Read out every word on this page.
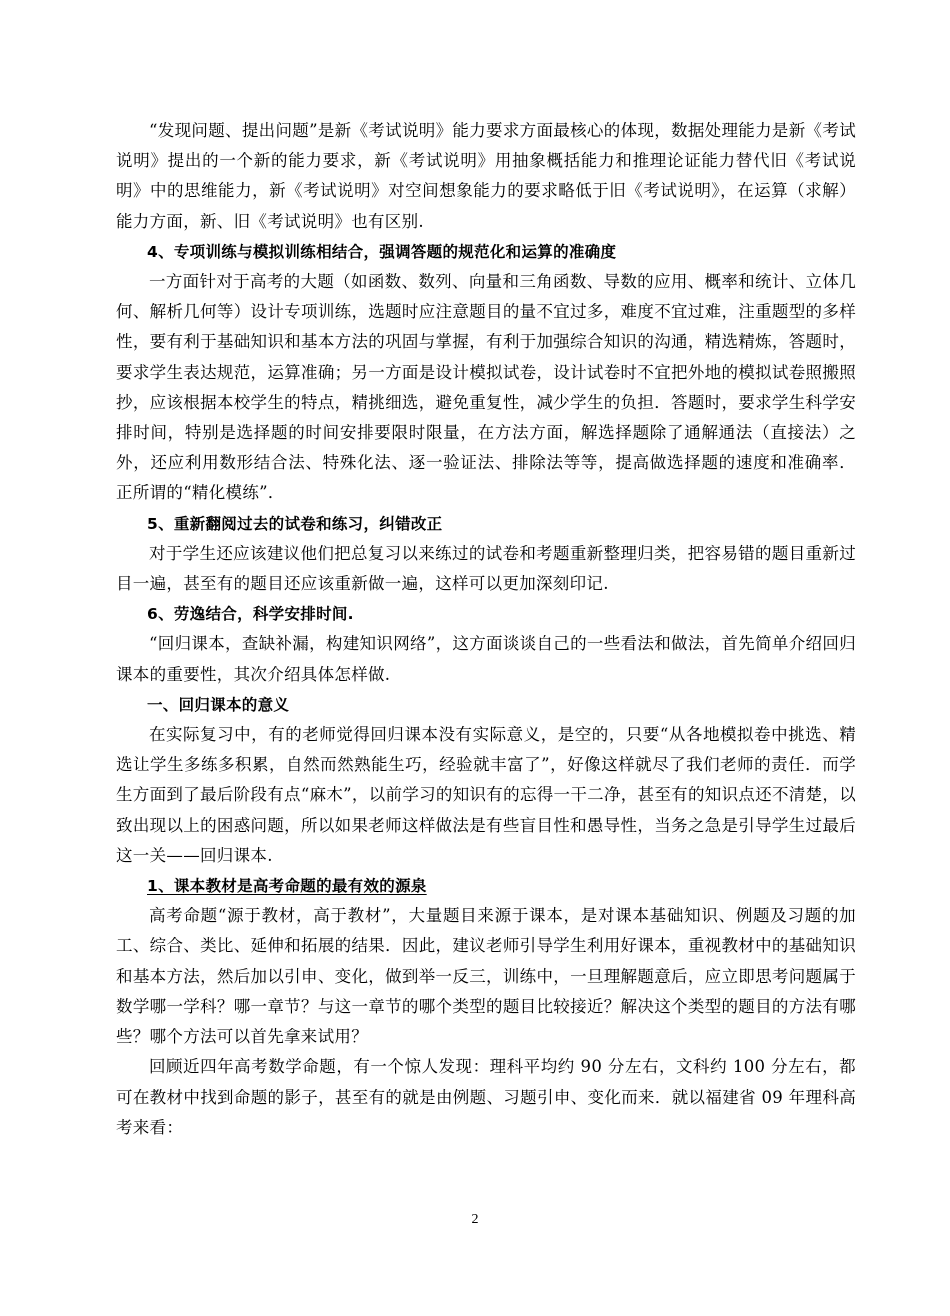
“发现问题、提出问题”是新《考试说明》能力要求方面最核心的体现，数据处理能力是新《考试说明》提出的一个新的能力要求，新《考试说明》用抽象概括能力和推理论证能力替代旧《考试说明》中的思维能力，新《考试说明》对空间想象能力的要求略低于旧《考试说明》，在运算（求解）能力方面，新、旧《考试说明》也有区别.

4、专项训练与模拟训练相结合，强调答题的规范化和运算的准确度

一方面针对于高考的大题（如函数、数列、向量和三角函数、导数的应用、概率和统计、立体几何、解析几何等）设计专项训练，选题时应注意题目的量不宜过多，难度不宜过难，注重题型的多样性，要有利于基础知识和基本方法的巩固与掌握，有利于加强综合知识的沟通，精选精炼，答题时，要求学生表达规范，运算准确；另一方面是设计模拟试卷，设计试卷时不宜把外地的模拟试卷照搬照抄，应该根据本校学生的特点，精挑细选，避免重复性，减少学生的负担．答题时，要求学生科学安排时间，特别是选择题的时间安排要限时限量，在方法方面，解选择题除了通解通法（直接法）之外，还应利用数形结合法、特殊化法、逐一验证法、排除法等等，提高做选择题的速度和准确率． 正所谓的“精化模练”．

5、重新翻阅过去的试卷和练习，纠错改正

对于学生还应该建议他们把总复习以来练过的试卷和考题重新整理归类，把容易错的题目重新过目一遍，甚至有的题目还应该重新做一遍，这样可以更加深刻印记.

6、劳逸结合，科学安排时间.

“回归课本，查缺补漏，构建知识网络”，这方面谈谈自己的一些看法和做法，首先简单介绍回归课本的重要性，其次介绍具体怎样做.

一、回归课本的意义

在实际复习中，有的老师觉得回归课本没有实际意义，是空的，只要“从各地模拟卷中挑选、精选让学生多练多积累，自然而然熟能生巧，经验就丰富了”，好像这样就尽了我们老师的责任．而学生方面到了最后阶段有点“麻木”，以前学习的知识有的忘得一干二净，甚至有的知识点还不清楚，以致出现以上的困惑问题，所以如果老师这样做法是有些盲目性和愚导性，当务之急是引导学生过最后这一关——回归课本.

1、课本教材是高考命题的最有效的源泉

高考命题“源于教材，高于教材”，大量题目来源于课本，是对课本基础知识、例题及习题的加工、综合、类比、延伸和拓展的结果．因此，建议老师引导学生利用好课本，重视教材中的基础知识和基本方法，然后加以引申、变化，做到举一反三，训练中，一旦理解题意后，应立即思考问题属于数学哪一学科？哪一章节？与这一章节的哪个类型的题目比较接近？解决这个类型的题目的方法有哪些？哪个方法可以首先拿来试用？

回顾近四年高考数学命题，有一个惊人发现：理科平均约 90 分左右，文科约 100 分左右，都可在教材中找到命题的影子，甚至有的就是由例题、习题引申、变化而来．就以福建省 09 年理科高考来看：

2
